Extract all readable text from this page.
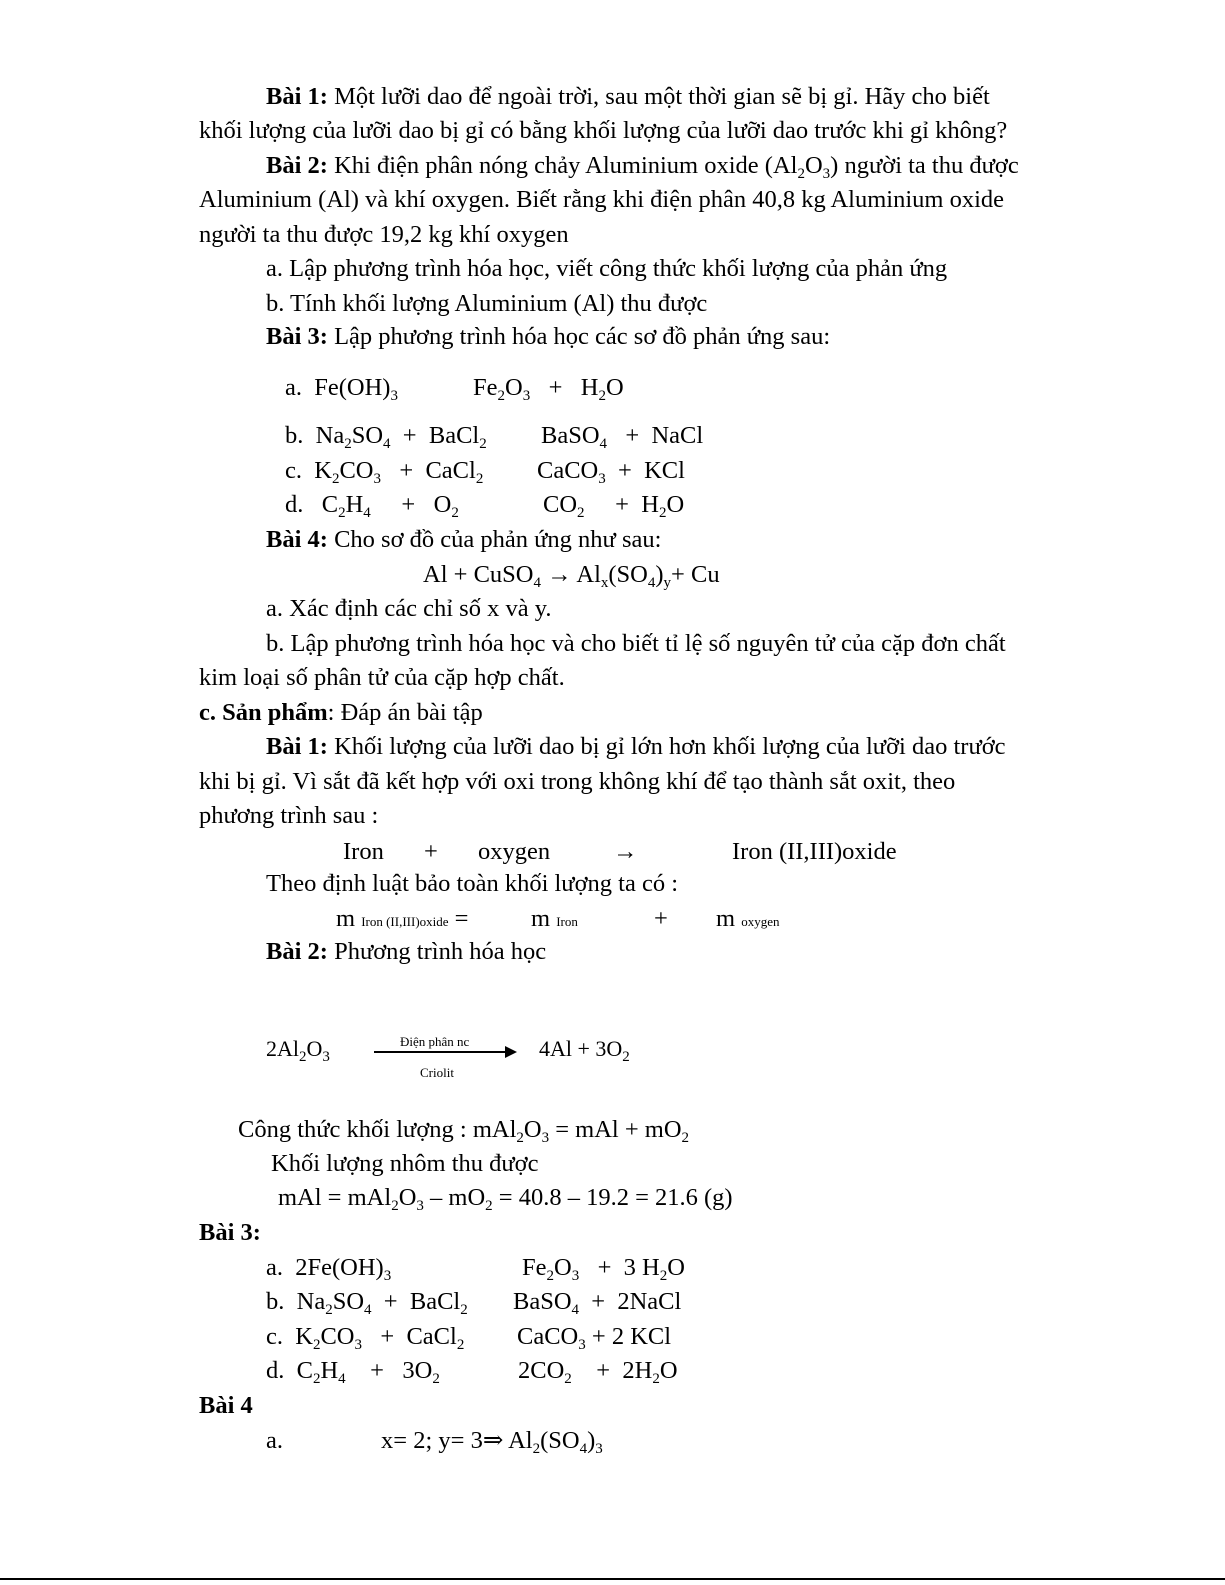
Bài 1: Một lưỡi dao để ngoài trời, sau một thời gian sẽ bị gỉ. Hãy cho biết
khối lượng của lưỡi dao bị gỉ có bằng khối lượng của lưỡi dao trước khi gỉ không?
Bài 2: Khi điện phân nóng chảy Aluminium oxide $(Al_2O_3)$ người ta thu được
Aluminium (Al) và khí oxygen. Biết rằng khi điện phân 40,8 kg Aluminium oxide
người ta thu được 19,2 kg khí oxygen
a. Lập phương trình hóa học, viết công thức khối lượng của phản ứng
b. Tính khối lượng Aluminium (Al) thu được
Bài 3: Lập phương trình hóa học các sơ đồ phản ứng sau:
a.  $Fe(OH)_3$	$Fe_2O_3 + H_2O$
b.  $Na_2SO_4$  +  BaCl$_2$ BaSO$_4$   +  NaCl
c.  $K_2CO_3$   +  CaCl$_2$ CaCO$_3$  +  KCl
d.   $C_2H_4$     +   $O_2$	$CO_2$     +  $H_2O$
Bài 4: Cho sơ đồ của phản ứng như sau:
Al + CuSO$_4$ → $Al_x(SO_4)_y+ Cu$
a. Xác định các chỉ số x và y.
b. Lập phương trình hóa học và cho biết tỉ lệ số nguyên tử của cặp đơn chất
kim loại số phân tử của cặp hợp chất.
c. Sản phẩm: Đáp án bài tập
Bài 1: Khối lượng của lưỡi dao bị gỉ lớn hơn khối lượng của lưỡi dao trước
khi bị gỉ. Vì sắt đã kết hợp với oxi trong không khí để tạo thành sắt oxit, theo
phương trình sau :
Iron + oxygen	→	Iron (II,III)oxide
Theo định luật bảo toàn khối lượng ta có :
m Iron (II,III)oxide =	m Iron	+ m oxygen
Bài 2: Phương trình hóa học
$2Al_2O_3$
Điện phân nc
Criolit
$4Al + 3O_2$
Công thức khối lượng : $mAl_2O_3$ = mAl + $mO_2$
Khối lượng nhôm thu được
mAl = $mAl_2O_3 - mO_2 = 40.8 - 19.2 = 21.6$ (g)
Bài 3:
a.  $2Fe(OH)_3$	$Fe_2O_3 + 3$ $H_2O$
b.  $Na_2SO_4$  +  BaCl$_2$ BaSO$_4$  +  2NaCl
c.  $K_2CO_3$   +  CaCl$_2$ CaCO$_3$ + 2 KCl
d.  $C_2H_4$    +   $3O_2$	$2CO_2$    +  $2H_2O$
Bài 4
a.	x= 2; y= 3⇒ $Al_2(SO_4)_3$
